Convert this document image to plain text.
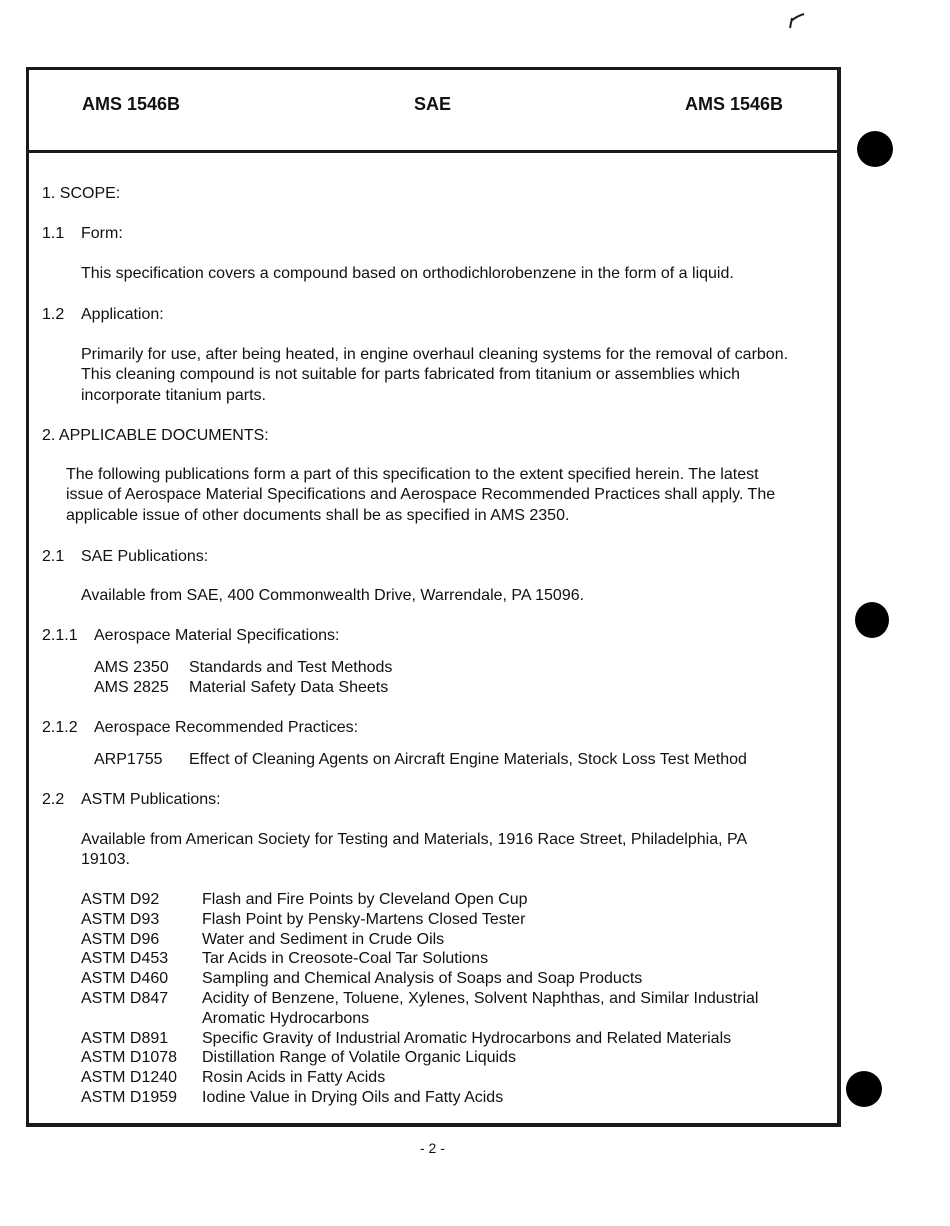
AMS 1546B	SAE	AMS 1546B
1. SCOPE:
1.1 Form:
This specification covers a compound based on orthodichlorobenzene in the form of a liquid.
1.2 Application:
Primarily for use, after being heated, in engine overhaul cleaning systems for the removal of carbon.
This cleaning compound is not suitable for parts fabricated from titanium or assemblies which
incorporate titanium parts.
2. APPLICABLE DOCUMENTS:
The following publications form a part of this specification to the extent specified herein. The latest
issue of Aerospace Material Specifications and Aerospace Recommended Practices shall apply. The
applicable issue of other documents shall be as specified in AMS 2350.
2.1 SAE Publications:
Available from SAE, 400 Commonwealth Drive, Warrendale, PA 15096.
2.1.1 Aerospace Material Specifications:
AMS 2350 Standards and Test Methods
AMS 2825 Material Safety Data Sheets
2.1.2 Aerospace Recommended Practices:
ARP1755 Effect of Cleaning Agents on Aircraft Engine Materials, Stock Loss Test Method
2.2 ASTM Publications:
Available from American Society for Testing and Materials, 1916 Race Street, Philadelphia, PA
19103.
ASTM D92	Flash and Fire Points by Cleveland Open Cup
ASTM D93	Flash Point by Pensky-Martens Closed Tester
ASTM D96	Water and Sediment in Crude Oils
ASTM D453 Tar Acids in Creosote-Coal Tar Solutions
ASTM D460 Sampling and Chemical Analysis of Soaps and Soap Products
ASTM D847 Acidity of Benzene, Toluene, Xylenes, Solvent Naphthas, and Similar Industrial
Aromatic Hydrocarbons
ASTM D891 Specific Gravity of Industrial Aromatic Hydrocarbons and Related Materials
ASTM D1078 Distillation Range of Volatile Organic Liquids
ASTM D1240 Rosin Acids in Fatty Acids
ASTM D1959 Iodine Value in Drying Oils and Fatty Acids
- 2 -
